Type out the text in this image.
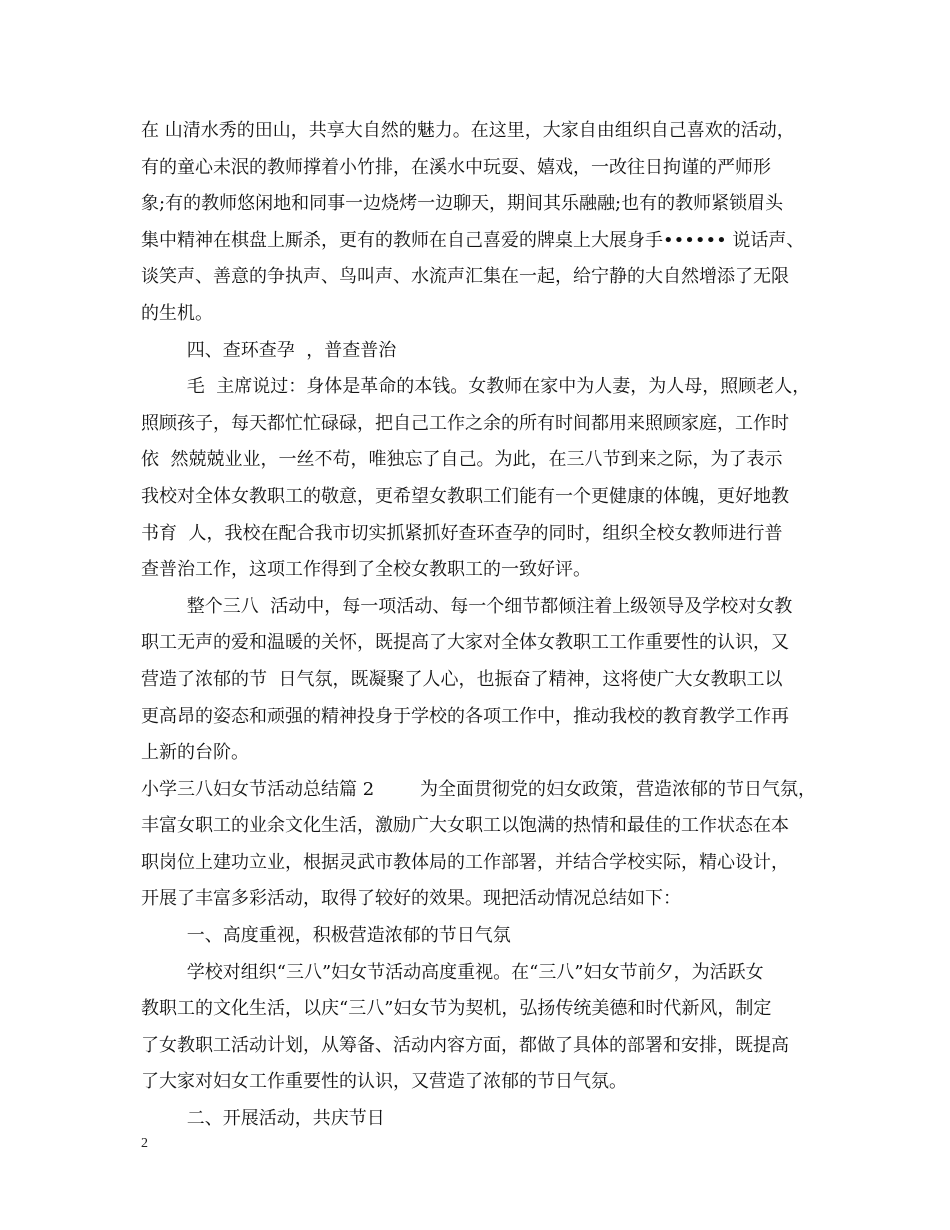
在 山清水秀的田山，共享大自然的魅力。在这里，大家自由组织自己喜欢的活动，
有的童心未泯的教师撑着小竹排，在溪水中玩耍、嬉戏，一改往日拘谨的严师形
象;有的教师悠闲地和同事一边烧烤一边聊天，期间其乐融融;也有的教师紧锁眉头
集中精神在棋盘上厮杀，更有的教师在自己喜爱的牌桌上大展身手•••••• 说话声、
谈笑声、善意的争执声、鸟叫声、水流声汇集在一起，给宁静的大自然增添了无限
的生机。
四、查环查孕  ，普查普治
毛  主席说过：身体是革命的本钱。女教师在家中为人妻，为人母，照顾老人，
照顾孩子，每天都忙忙碌碌，把自己工作之余的所有时间都用来照顾家庭，工作时
依  然兢兢业业，一丝不苟，唯独忘了自己。为此，在三八节到来之际，为了表示
我校对全体女教职工的敬意，更希望女教职工们能有一个更健康的体魄，更好地教
书育  人，我校在配合我市切实抓紧抓好查环查孕的同时，组织全校女教师进行普
查普治工作，这项工作得到了全校女教职工的一致好评。
整个三八  活动中，每一项活动、每一个细节都倾注着上级领导及学校对女教
职工无声的爱和温暖的关怀，既提高了大家对全体女教职工工作重要性的认识，又
营造了浓郁的节  日气氛，既凝聚了人心，也振奋了精神，这将使广大女教职工以
更高昂的姿态和顽强的精神投身于学校的各项工作中，推动我校的教育教学工作再
上新的台阶。
小学三八妇女节活动总结篇 2        为全面贯彻党的妇女政策，营造浓郁的节日气氛，
丰富女职工的业余文化生活，激励广大女职工以饱满的热情和最佳的工作状态在本
职岗位上建功立业，根据灵武市教体局的工作部署，并结合学校实际，精心设计，
开展了丰富多彩活动，取得了较好的效果。现把活动情况总结如下：
一、高度重视，积极营造浓郁的节日气氛
学校对组织“三八”妇女节活动高度重视。在“三八”妇女节前夕，为活跃女
教职工的文化生活，以庆“三八”妇女节为契机，弘扬传统美德和时代新风，制定
了女教职工活动计划，从筹备、活动内容方面，都做了具体的部署和安排，既提高
了大家对妇女工作重要性的认识，又营造了浓郁的节日气氛。
二、开展活动，共庆节日
2
